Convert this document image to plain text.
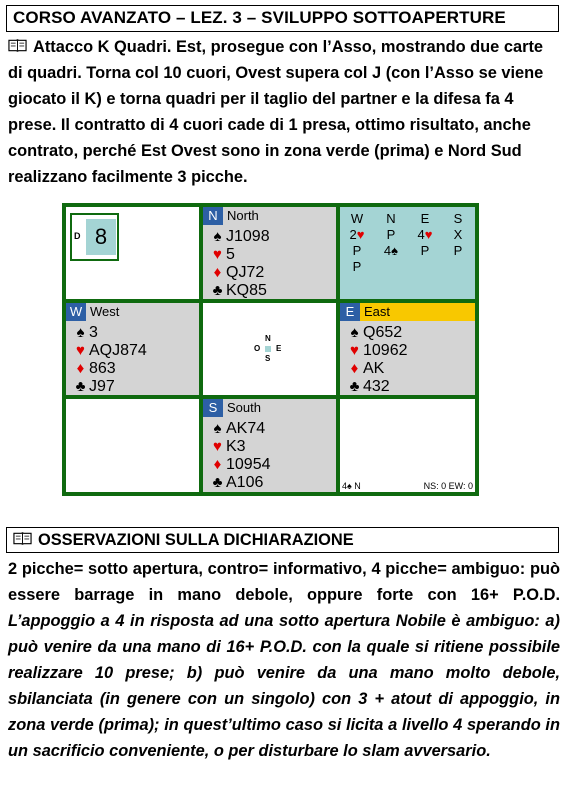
CORSO AVANZATO – LEZ. 3 – SVILUPPO SOTTOAPERTURE
Attacco K Quadri. Est, prosegue con l’Asso, mostrando due carte di quadri. Torna col 10 cuori, Ovest supera col J (con l’Asso se viene giocato il K) e torna quadri per il taglio del partner e la difesa fa 4 prese. Il contratto di 4 cuori cade di 1 presa, ottimo risultato, anche contrato, perché Est Ovest sono in zona verde (prima) e Nord Sud realizzano facilmente 3 picche.
D 8
N North
♠ J1098
♥ 5
♦ QJ72
♣ KQ85
W	N	E	S
2♥	P	4♥	X
P	4♠	P	P
P
W West
♠ 3
♥ AQJ874
♦ 863
♣ J97
N
S
O E
E East
♠ Q652
♥ 10962
♦ AK
♣ 432
S South
♠ AK74
♥ K3
♦ 10954
♣ A106	4♠ N	NS: 0 EW: 0
OSSERVAZIONI SULLA DICHIARAZIONE
2 picche= sotto apertura, contro= informativo, 4 picche= ambiguo: può essere barrage in mano debole, oppure forte con 16+ P.O.D. L’appoggio a 4 in risposta ad una sotto apertura Nobile è ambiguo: a) può venire da una mano di 16+ P.O.D. con la quale si ritiene possibile realizzare 10 prese; b) può venire da una mano molto debole, sbilanciata (in genere con un singolo) con 3 + atout di appoggio, in zona verde (prima); in quest’ultimo caso si licita a livello 4 sperando in un sacrificio conveniente, o per disturbare lo slam avversario.
